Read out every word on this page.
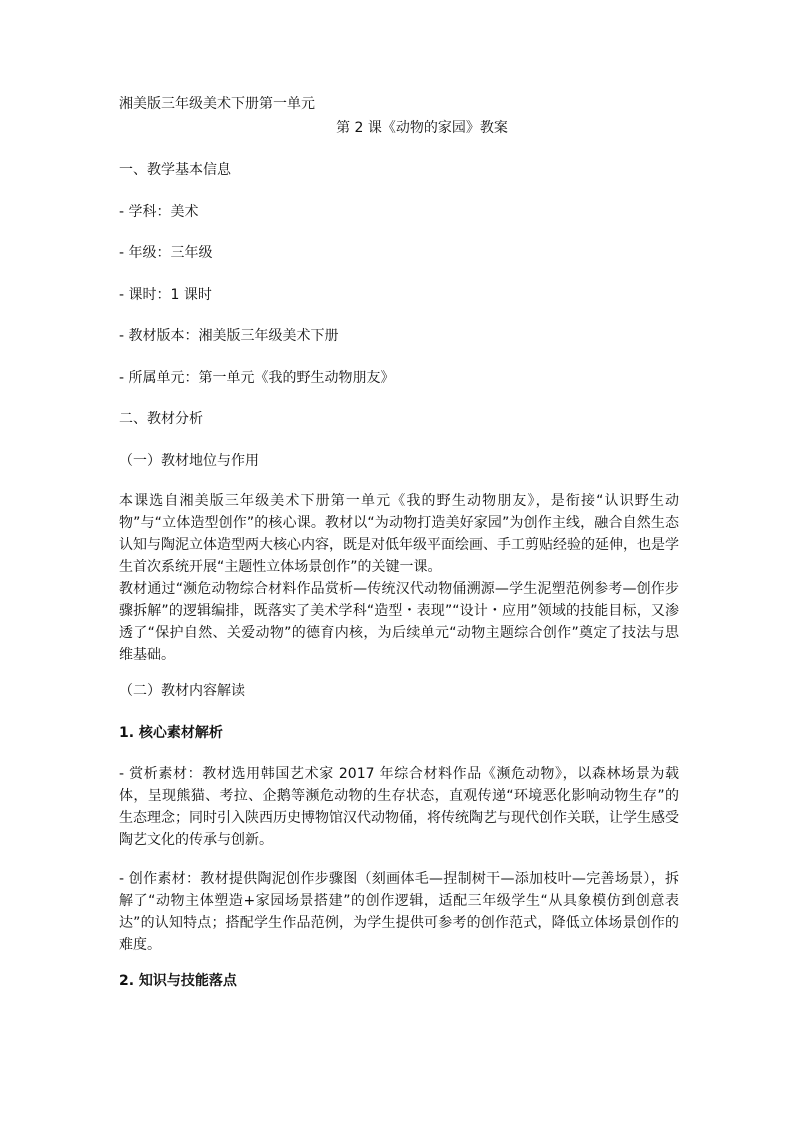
湘美版三年级美术下册第一单元
第 2 课《动物的家园》教案
一、教学基本信息
- 学科：美术
- 年级：三年级
- 课时：1 课时
- 教材版本：湘美版三年级美术下册
- 所属单元：第一单元《我的野生动物朋友》
二、教材分析
（一）教材地位与作用

本课选自湘美版三年级美术下册第一单元《我的野生动物朋友》，是衔接“认识野生动物”与“立体造型创作”的核心课。教材以“为动物打造美好家园”为创作主线，融合自然生态认知与陶泥立体造型两大核心内容，既是对低年级平面绘画、手工剪贴经验的延伸，也是学生首次系统开展“主题性立体场景创作”的关键一课。

教材通过“濒危动物综合材料作品赏析—传统汉代动物俑溯源—学生泥塑范例参考—创作步骤拆解”的逻辑编排，既落实了美术学科“造型・表现”“设计・应用”领域的技能目标，又渗透了“保护自然、关爱动物”的德育内核，为后续单元“动物主题综合创作”奠定了技法与思维基础。

（二）教材内容解读
1. 核心素材解析

- 赏析素材：教材选用韩国艺术家 2017 年综合材料作品《濒危动物》，以森林场景为载体，呈现熊猫、考拉、企鹅等濒危动物的生存状态，直观传递“环境恶化影响动物生存”的生态理念；同时引入陕西历史博物馆汉代动物俑，将传统陶艺与现代创作关联，让学生感受陶艺文化的传承与创新。

- 创作素材：教材提供陶泥创作步骤图（刻画体毛—捏制树干—添加枝叶—完善场景），拆解了“动物主体塑造+家园场景搭建”的创作逻辑，适配三年级学生“从具象模仿到创意表达”的认知特点；搭配学生作品范例，为学生提供可参考的创作范式，降低立体场景创作的难度。

2. 知识与技能落点
